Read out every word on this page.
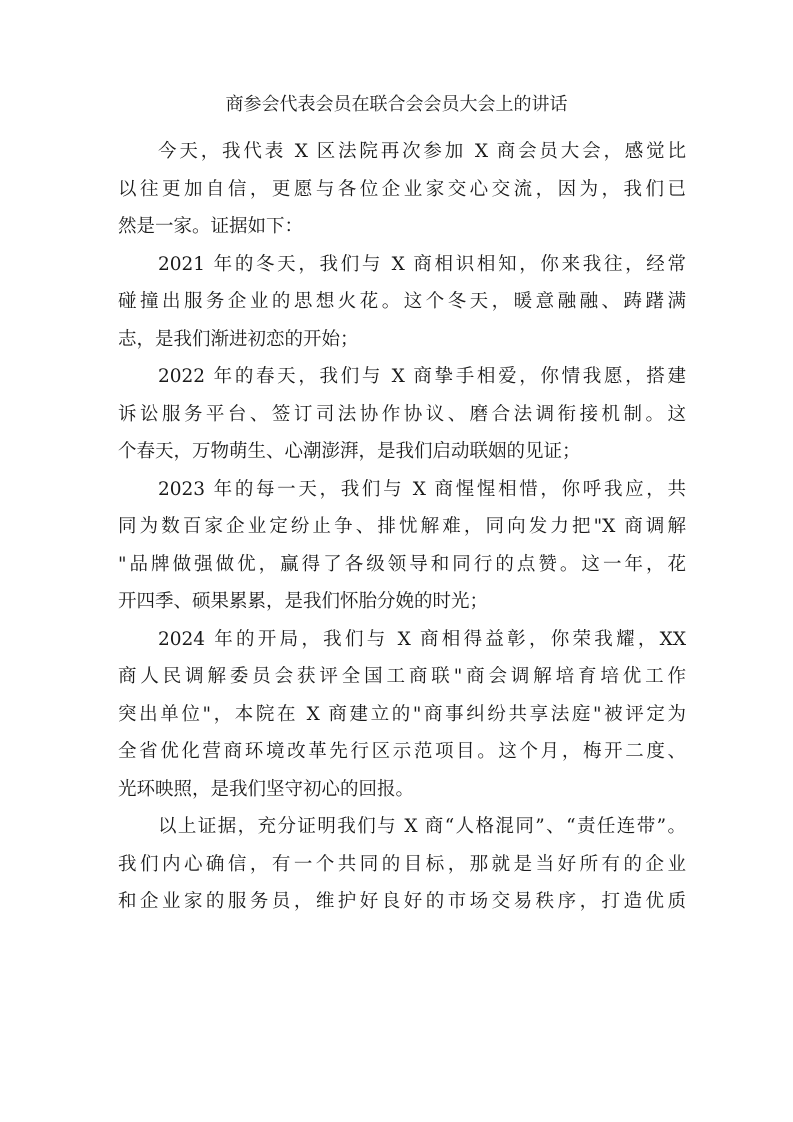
商参会代表会员在联合会会员大会上的讲话
今天，我代表 X 区法院再次参加 X 商会员大会，感觉比
以往更加自信，更愿与各位企业家交心交流，因为，我们已
然是一家。证据如下：
2021 年的冬天，我们与 X 商相识相知，你来我往，经常
碰撞出服务企业的思想火花。这个冬天，暖意融融、踌躇满
志，是我们渐进初恋的开始；
2022 年的春天，我们与 X 商挚手相爱，你情我愿，搭建
诉讼服务平台、签订司法协作协议、磨合法调衔接机制。这
个春天，万物萌生、心潮澎湃，是我们启动联姻的见证；
2023 年的每一天，我们与 X 商惺惺相惜，你呼我应，共
同为数百家企业定纷止争、排忧解难，同向发力把"X 商调解
"品牌做强做优，赢得了各级领导和同行的点赞。这一年，花
开四季、硕果累累，是我们怀胎分娩的时光；
2024 年的开局，我们与 X 商相得益彰，你荣我耀，XX
商人民调解委员会获评全国工商联"商会调解培育培优工作
突出单位"，本院在 X 商建立的"商事纠纷共享法庭"被评定为
全省优化营商环境改革先行区示范项目。这个月，梅开二度、
光环映照，是我们坚守初心的回报。
以上证据，充分证明我们与 X 商“人格混同”、“责任连带”。
我们内心确信，有一个共同的目标，那就是当好所有的企业
和企业家的服务员，维护好良好的市场交易秩序，打造优质
